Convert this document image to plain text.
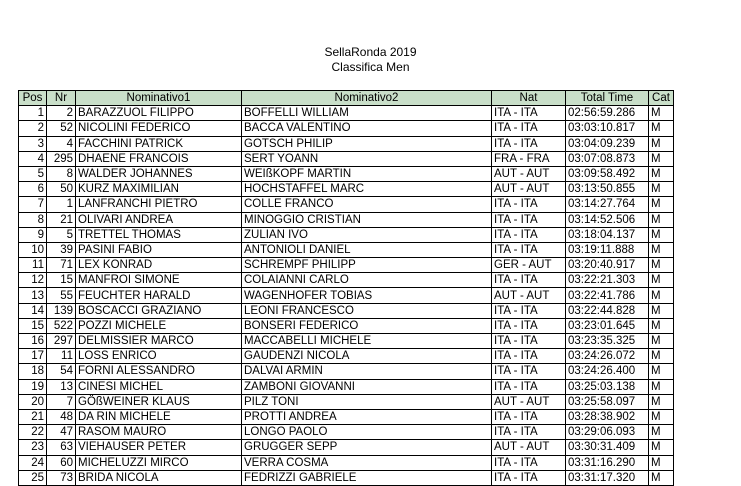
SellaRonda 2019
Classifica Men
Pos	Nr	Nominativo1	Nominativo2	Nat	Total Time	Cat
1	2	BARAZZUOL FILIPPO	BOFFELLI WILLIAM	ITA - ITA	02:56:59.286	M
2	52	NICOLINI FEDERICO	BACCA VALENTINO	ITA - ITA	03:03:10.817	M
3	4	FACCHINI PATRICK	GOTSCH PHILIP	ITA - ITA	03:04:09.239	M
4	295	DHAENE FRANCOIS	SERT YOANN	FRA - FRA	03:07:08.873	M
5	8	WALDER JOHANNES	WEIßKOPF MARTIN	AUT - AUT	03:09:58.492	M
6	50	KURZ MAXIMILIAN	HOCHSTAFFEL MARC	AUT - AUT	03:13:50.855	M
7	1	LANFRANCHI PIETRO	COLLE FRANCO	ITA - ITA	03:14:27.764	M
8	21	OLIVARI ANDREA	MINOGGIO CRISTIAN	ITA - ITA	03:14:52.506	M
9	5	TRETTEL THOMAS	ZULIAN IVO	ITA - ITA	03:18:04.137	M
10	39	PASINI FABIO	ANTONIOLI DANIEL	ITA - ITA	03:19:11.888	M
11	71	LEX KONRAD	SCHREMPF PHILIPP	GER - AUT	03:20:40.917	M
12	15	MANFROI SIMONE	COLAIANNI CARLO	ITA - ITA	03:22:21.303	M
13	55	FEUCHTER HARALD	WAGENHOFER TOBIAS	AUT - AUT	03:22:41.786	M
14	139	BOSCACCI GRAZIANO	LEONI FRANCESCO	ITA - ITA	03:22:44.828	M
15	522	POZZI MICHELE	BONSERI FEDERICO	ITA - ITA	03:23:01.645	M
16	297	DELMISSIER MARCO	MACCABELLI MICHELE	ITA - ITA	03:23:35.325	M
17	11	LOSS ENRICO	GAUDENZI NICOLA	ITA - ITA	03:24:26.072	M
18	54	FORNI ALESSANDRO	DALVAI ARMIN	ITA - ITA	03:24:26.400	M
19	13	CINESI MICHEL	ZAMBONI GIOVANNI	ITA - ITA	03:25:03.138	M
20	7	GÖßWEINER KLAUS	PILZ TONI	AUT - AUT	03:25:58.097	M
21	48	DA RIN MICHELE	PROTTI ANDREA	ITA - ITA	03:28:38.902	M
22	47	RASOM MAURO	LONGO PAOLO	ITA - ITA	03:29:06.093	M
23	63	VIEHAUSER PETER	GRUGGER SEPP	AUT - AUT	03:30:31.409	M
24	60	MICHELUZZI MIRCO	VERRA COSMA	ITA - ITA	03:31:16.290	M
25	73	BRIDA NICOLA	FEDRIZZI GABRIELE	ITA - ITA	03:31:17.320	M
